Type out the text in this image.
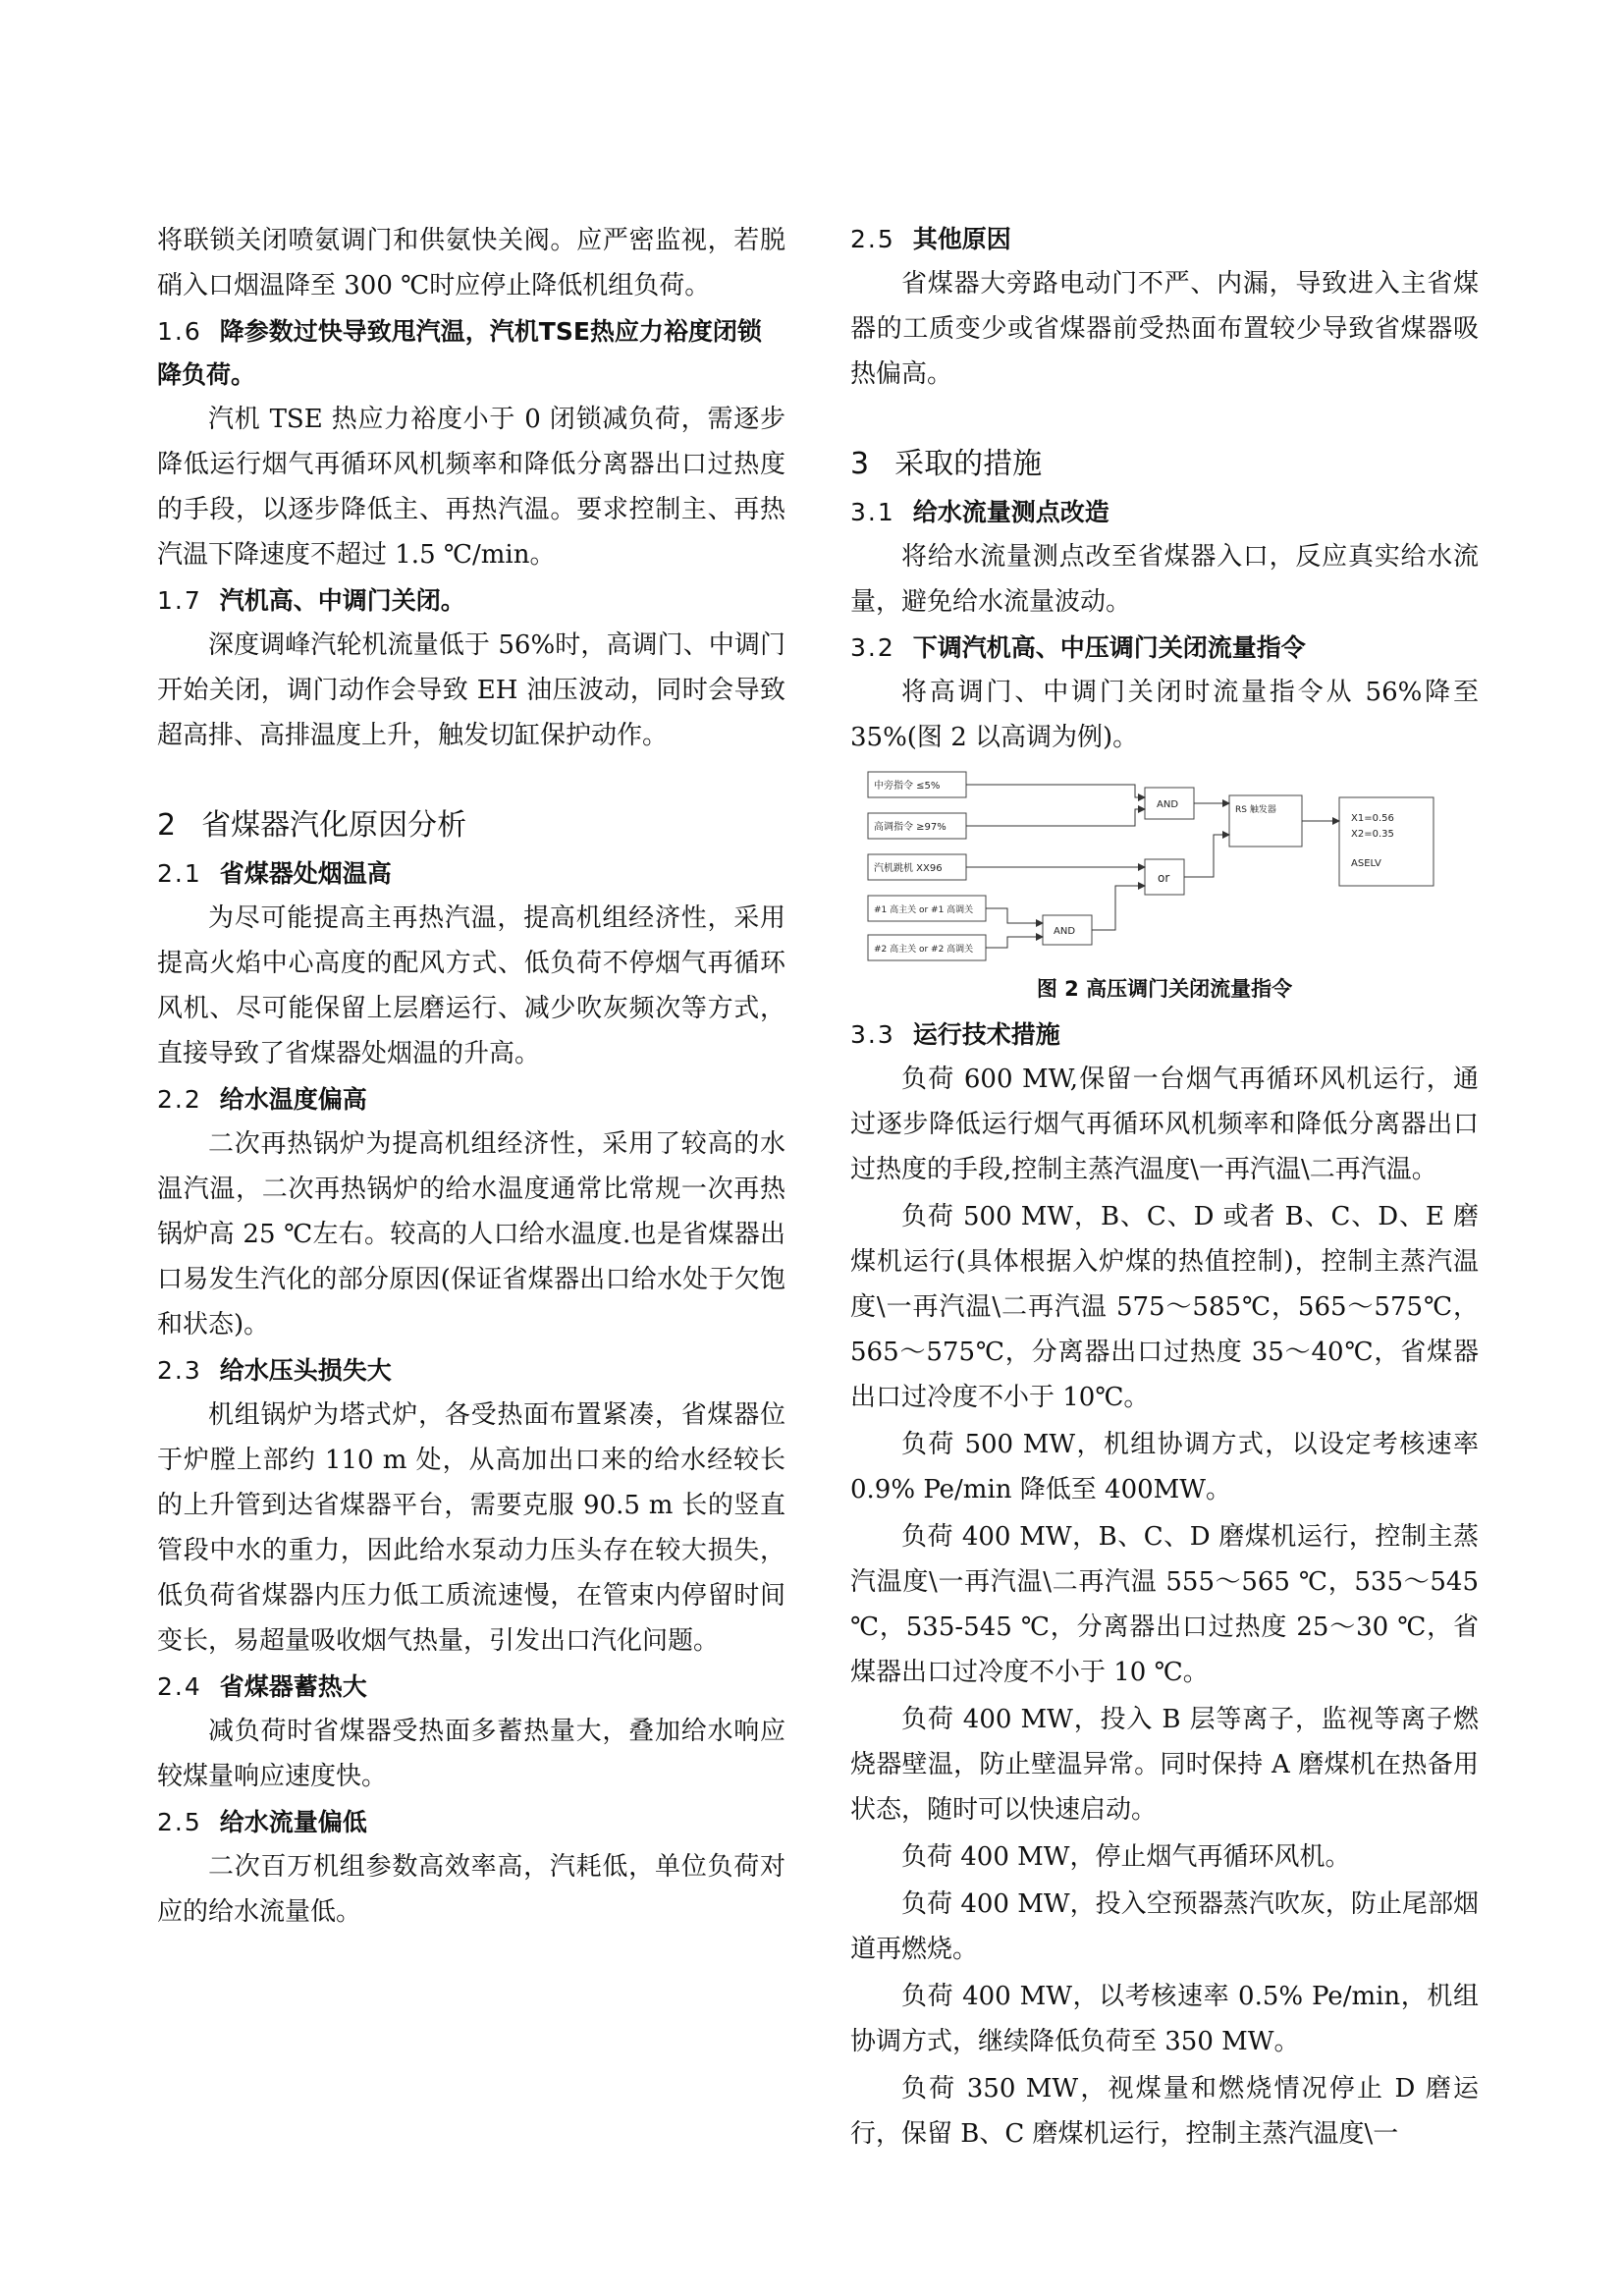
将联锁关闭喷氨调门和供氨快关阀。应严密监视，若脱硝入口烟温降至 300 ℃时应停止降低机组负荷。

1.6 降参数过快导致甩汽温，汽机TSE热应力裕度闭锁降负荷。

汽机 TSE 热应力裕度小于 0 闭锁减负荷，需逐步降低运行烟气再循环风机频率和降低分离器出口过热度的手段，以逐步降低主、再热汽温。要求控制主、再热汽温下降速度不超过 1.5 ℃/min。

1.7 汽机高、中调门关闭。

深度调峰汽轮机流量低于 56%时，高调门、中调门开始关闭，调门动作会导致 EH 油压波动，同时会导致超高排、高排温度上升，触发切缸保护动作。

2 省煤器汽化原因分析
2.1 省煤器处烟温高

为尽可能提高主再热汽温，提高机组经济性，采用提高火焰中心高度的配风方式、低负荷不停烟气再循环风机、尽可能保留上层磨运行、减少吹灰频次等方式，直接导致了省煤器处烟温的升高。

2.2 给水温度偏高

二次再热锅炉为提高机组经济性，采用了较高的水温汽温，二次再热锅炉的给水温度通常比常规一次再热锅炉高 25 ℃左右。较高的人口给水温度.也是省煤器出口易发生汽化的部分原因(保证省煤器出口给水处于欠饱和状态)。

2.3 给水压头损失大

机组锅炉为塔式炉，各受热面布置紧凑，省煤器位于炉膛上部约 110 m 处，从高加出口来的给水经较长的上升管到达省煤器平台，需要克服 90.5 m 长的竖直管段中水的重力，因此给水泵动力压头存在较大损失，低负荷省煤器内压力低工质流速慢，在管束内停留时间变长，易超量吸收烟气热量，引发出口汽化问题。

2.4 省煤器蓄热大

减负荷时省煤器受热面多蓄热量大，叠加给水响应较煤量响应速度快。

2.5 给水流量偏低

二次百万机组参数高效率高，汽耗低，单位负荷对应的给水流量低。

2.5 其他原因

省煤器大旁路电动门不严、内漏，导致进入主省煤器的工质变少或省煤器前受热面布置较少导致省煤器吸热偏高。

3 采取的措施
3.1 给水流量测点改造

将给水流量测点改至省煤器入口，反应真实给水流量，避免给水流量波动。

3.2 下调汽机高、中压调门关闭流量指令

将高调门、中调门关闭时流量指令从 56%降至 35%(图 2 以高调为例)。

中旁指令 ≤5%
高调指令 ≥97%
汽机跳机 XX96
#1 高主关 or #1 高调关
#2 高主关 or #2 高调关
AND
or
AND
RS 触发器
X1=0.56
X2=0.35
ASELV
图 2 高压调门关闭流量指令
3.3 运行技术措施

负荷 600 MW,保留一台烟气再循环风机运行，通过逐步降低运行烟气再循环风机频率和降低分离器出口过热度的手段,控制主蒸汽温度\一再汽温\二再汽温。

负荷 500 MW，B、C、D 或者 B、C、D、E 磨煤机运行(具体根据入炉煤的热值控制)，控制主蒸汽温度\一再汽温\二再汽温 575～585℃，565～575℃，565～575℃，分离器出口过热度 35～40℃，省煤器出口过冷度不小于 10℃。

负荷 500 MW，机组协调方式，以设定考核速率 0.9% Pe/min 降低至 400MW。

负荷 400 MW，B、C、D 磨煤机运行，控制主蒸汽温度\一再汽温\二再汽温 555～565 ℃，535～545 ℃，535-545 ℃，分离器出口过热度 25～30 ℃，省煤器出口过冷度不小于 10 ℃。

负荷 400 MW，投入 B 层等离子，监视等离子燃烧器壁温，防止壁温异常。同时保持 A 磨煤机在热备用状态，随时可以快速启动。

负荷 400 MW，停止烟气再循环风机。

负荷 400 MW，投入空预器蒸汽吹灰，防止尾部烟道再燃烧。

负荷 400 MW，以考核速率 0.5% Pe/min，机组协调方式，继续降低负荷至 350 MW。

负荷 350 MW，视煤量和燃烧情况停止 D 磨运行，保留 B、C 磨煤机运行，控制主蒸汽温度\一
